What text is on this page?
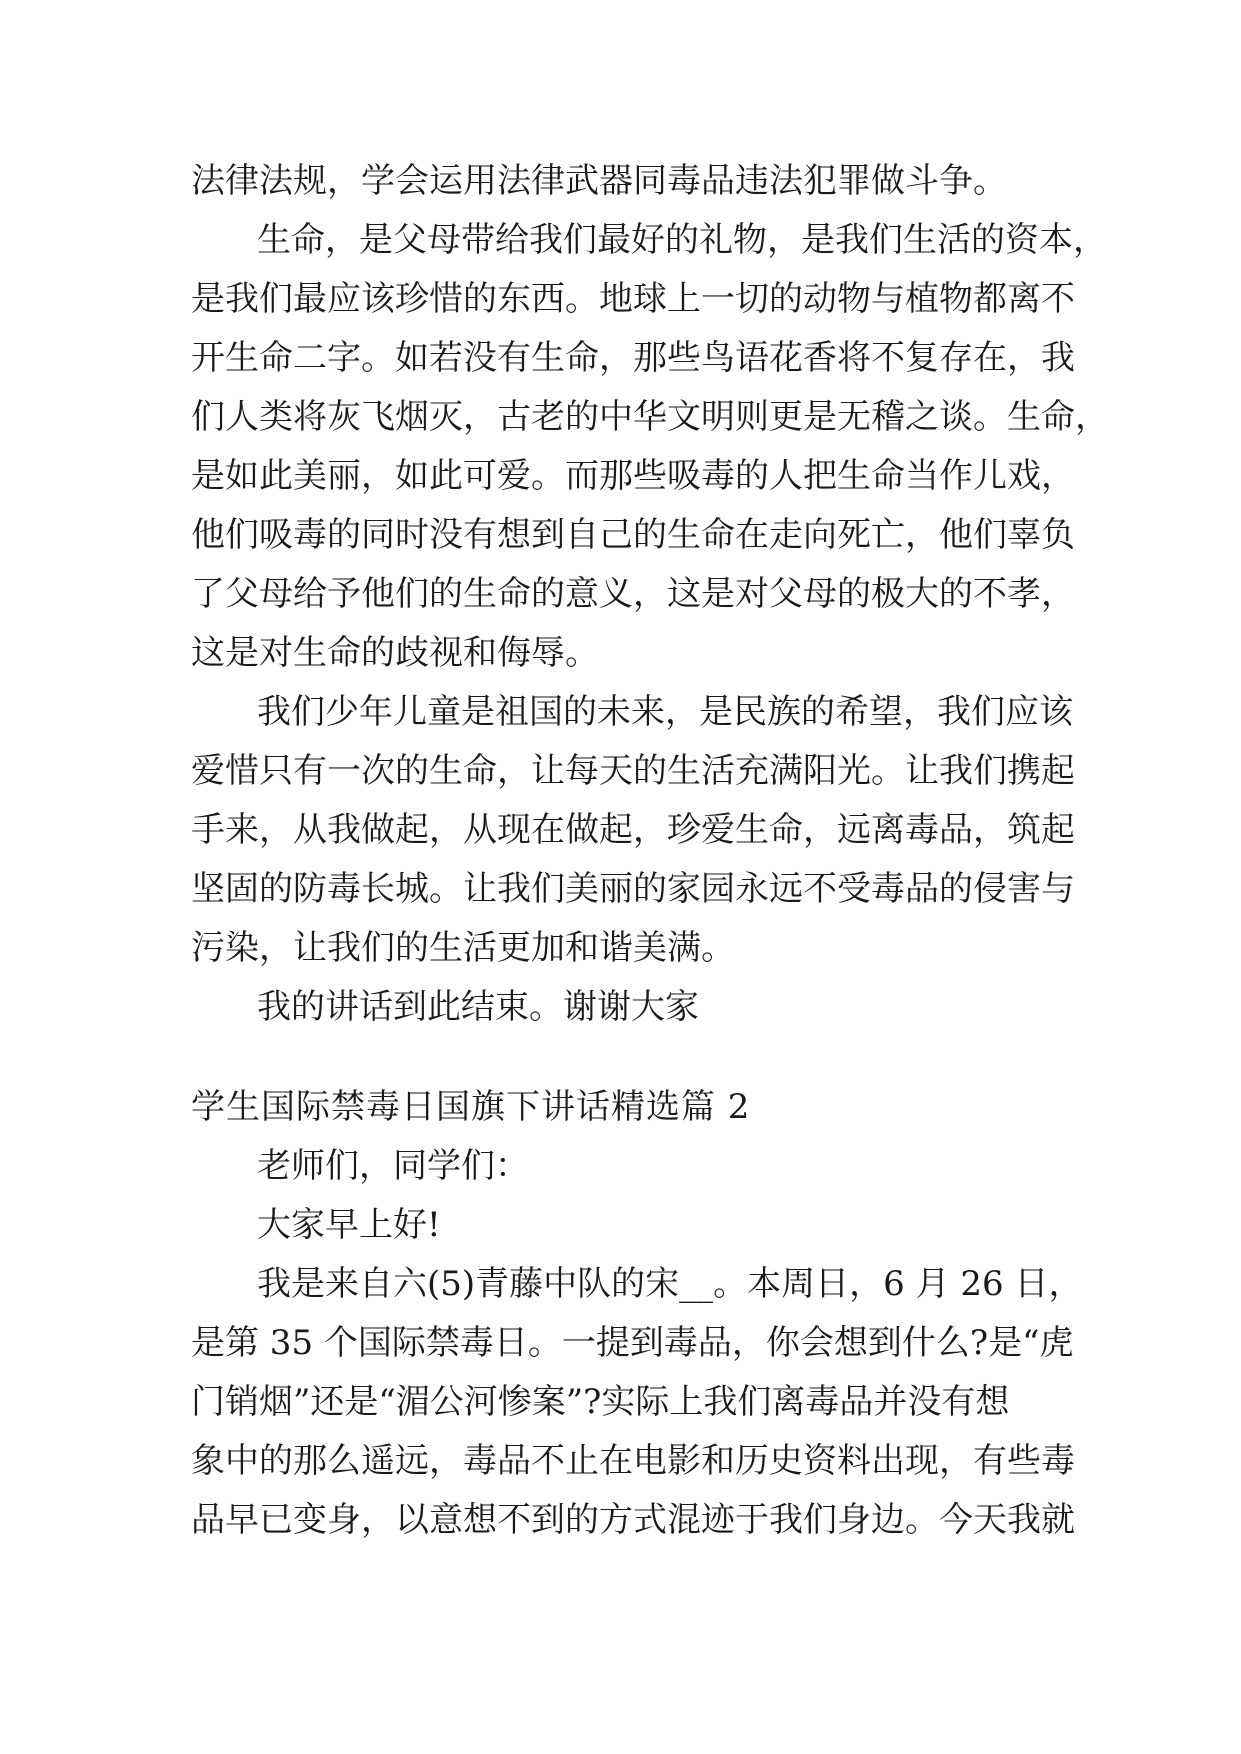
法律法规，学会运用法律武器同毒品违法犯罪做斗争。
生命，是父母带给我们最好的礼物，是我们生活的资本，
是我们最应该珍惜的东西。地球上一切的动物与植物都离不
开生命二字。如若没有生命，那些鸟语花香将不复存在，我
们人类将灰飞烟灭，古老的中华文明则更是无稽之谈。生命，
是如此美丽，如此可爱。而那些吸毒的人把生命当作儿戏，
他们吸毒的同时没有想到自己的生命在走向死亡，他们辜负
了父母给予他们的生命的意义，这是对父母的极大的不孝，
这是对生命的歧视和侮辱。
我们少年儿童是祖国的未来，是民族的希望，我们应该
爱惜只有一次的生命，让每天的生活充满阳光。让我们携起
手来，从我做起，从现在做起，珍爱生命，远离毒品，筑起
坚固的防毒长城。让我们美丽的家园永远不受毒品的侵害与
污染，让我们的生活更加和谐美满。
我的讲话到此结束。谢谢大家
学生国际禁毒日国旗下讲话精选篇 2
老师们，同学们：
大家早上好!
我是来自六(5)青藤中队的宋__。本周日，6 月 26 日，
是第 35 个国际禁毒日。一提到毒品，你会想到什么?是“虎
门销烟”还是“湄公河惨案”?实际上我们离毒品并没有想
象中的那么遥远，毒品不止在电影和历史资料出现，有些毒
品早已变身，以意想不到的方式混迹于我们身边。今天我就
